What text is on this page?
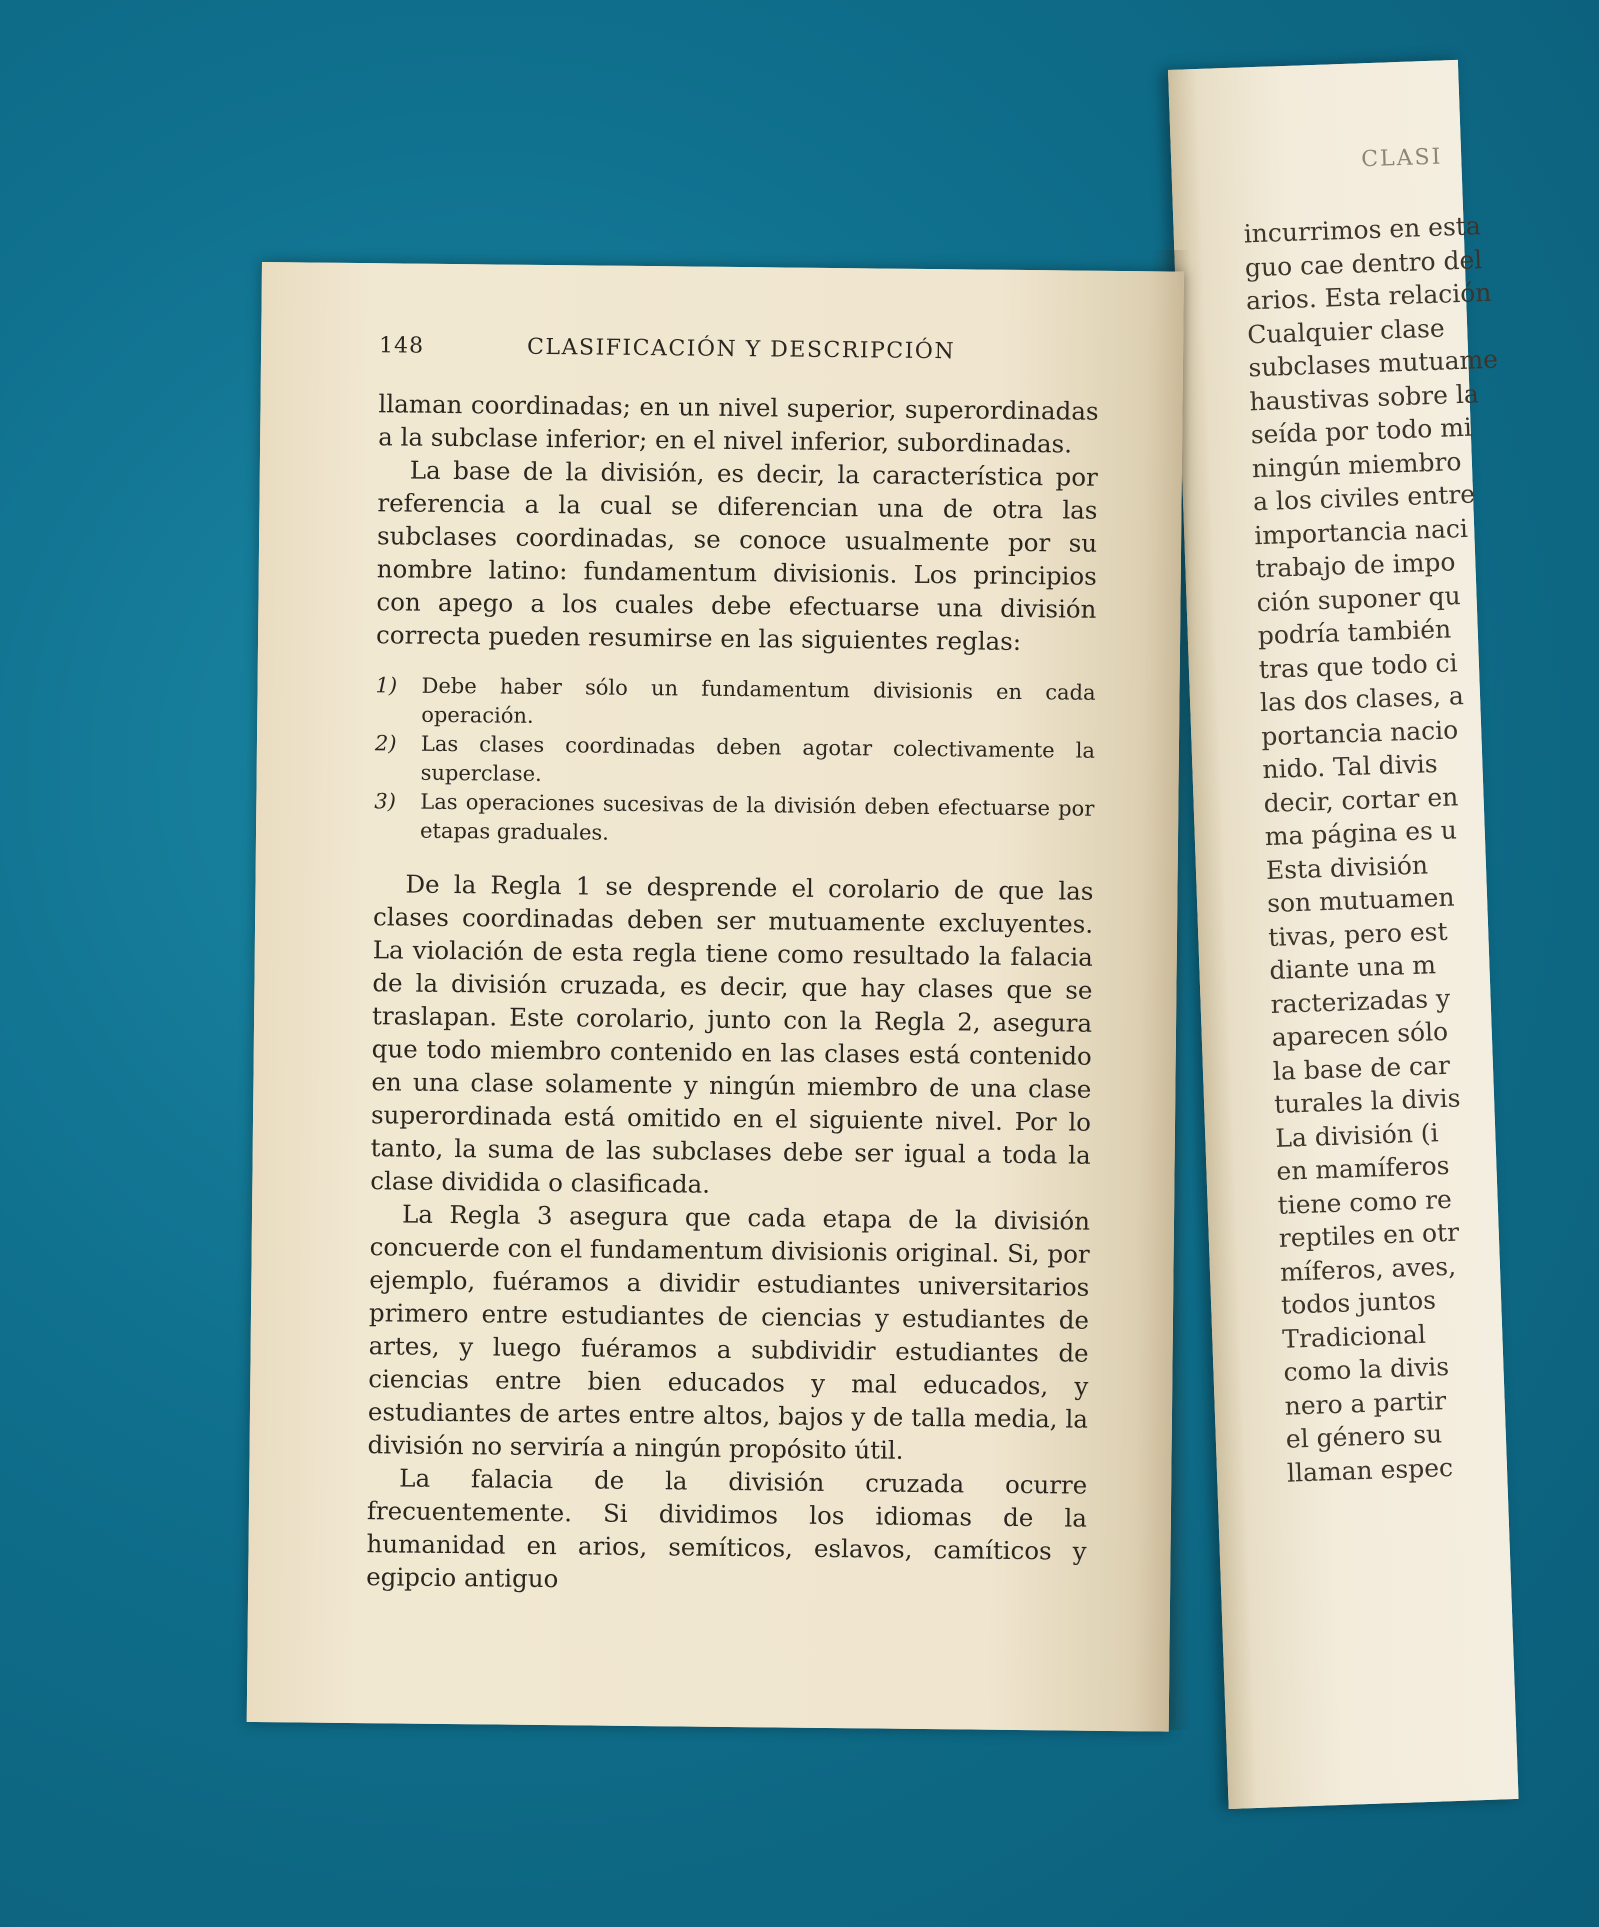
CLASI
incurrimos en esta
guo cae dentro del
arios. Esta relación
Cualquier clase
subclases mutuame
haustivas sobre la
seída por todo mi
ningún miembro
a los civiles entre
importancia naci
trabajo de impo
ción suponer qu
podría también
tras que todo ci
las dos clases, a
portancia nacio
nido. Tal divis
decir, cortar en
ma página es u
Esta división
son mutuamen
tivas, pero est
diante una m
racterizadas y
aparecen sólo
la base de car
turales la divis
La división (i
en mamíferos
tiene como re
reptiles en otr
míferos, aves,
todos juntos
Tradicional
como la divis
nero a partir
el género su
llaman espec
148	CLASIFICACIÓN Y DESCRIPCIÓN

llaman coordinadas; en un nivel superior, superordinadas a la subclase inferior; en el nivel inferior, subordinadas.

La base de la división, es decir, la característica por referencia a la cual se diferencian una de otra las subclases coordinadas, se conoce usualmente por su nombre latino: fundamentum divisionis. Los principios con apego a los cuales debe efectuarse una división correcta pueden resumirse en las siguientes reglas:

1) Debe haber sólo un fundamentum divisionis en cada operación.
2) Las clases coordinadas deben agotar colectivamente la superclase.
3) Las operaciones sucesivas de la división deben efectuarse por etapas graduales.

De la Regla 1 se desprende el corolario de que las clases coordinadas deben ser mutuamente excluyentes. La violación de esta regla tiene como resultado la falacia de la división cruzada, es decir, que hay clases que se traslapan. Este corolario, junto con la Regla 2, asegura que todo miembro contenido en las clases está contenido en una clase solamente y ningún miembro de una clase superordinada está omitido en el siguiente nivel. Por lo tanto, la suma de las subclases debe ser igual a toda la clase dividida o clasificada.

La Regla 3 asegura que cada etapa de la división concuerde con el fundamentum divisionis original. Si, por ejemplo, fuéramos a dividir estudiantes universitarios primero entre estudiantes de ciencias y estudiantes de artes, y luego fuéramos a subdividir estudiantes de ciencias entre bien educados y mal educados, y estudiantes de artes entre altos, bajos y de talla media, la división no serviría a ningún propósito útil.

La falacia de la división cruzada ocurre frecuentemente. Si dividimos los idiomas de la humanidad en arios, semíticos, eslavos, camíticos y egipcio antiguo
